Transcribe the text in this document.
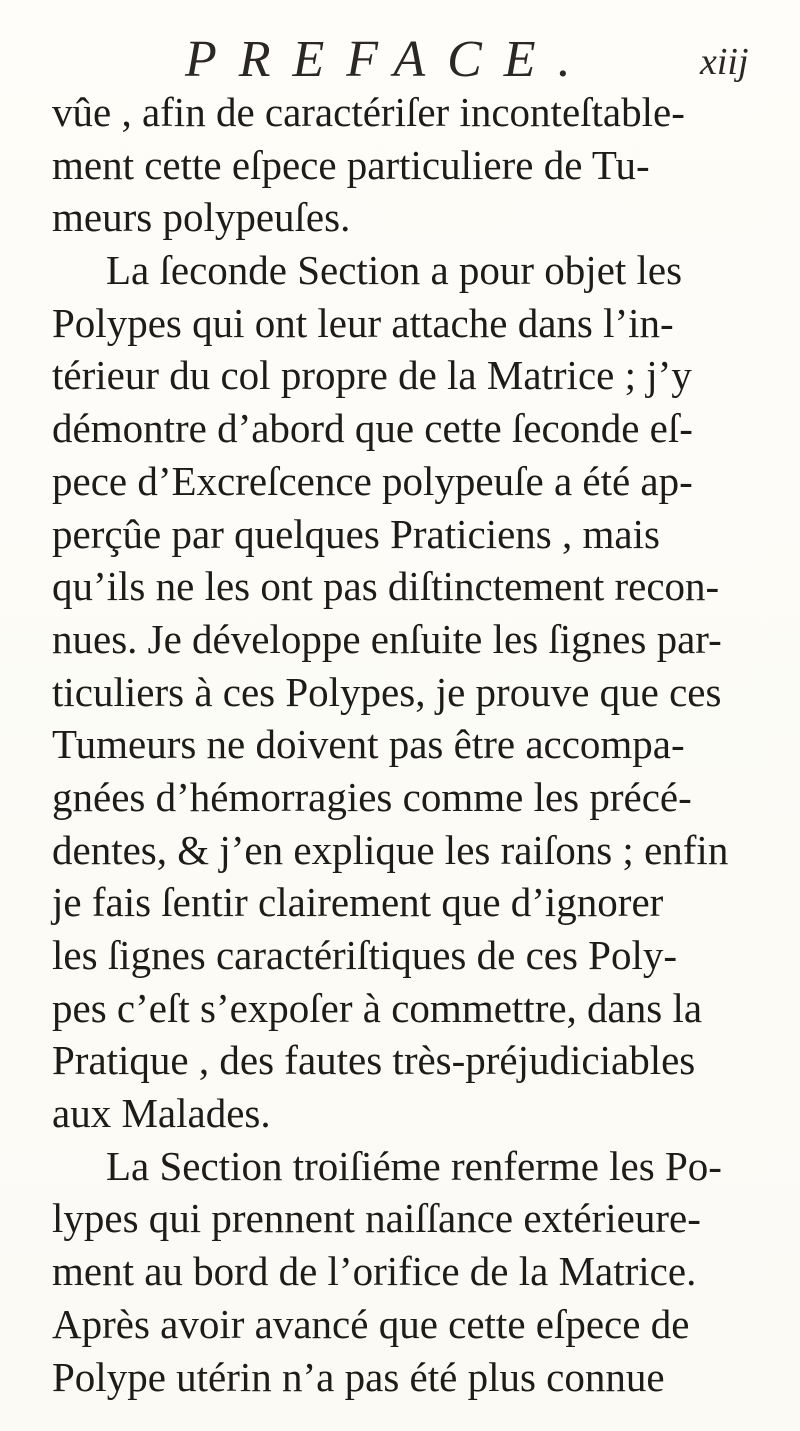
PREFACE.	xiij
vûe , afin de caractériſer inconteſtable-
ment cette eſpece particuliere de Tu-
meurs polypeuſes.
La ſeconde Section a pour objet les
Polypes qui ont leur attache dans l’in-
térieur du col propre de la Matrice ; j’y
démontre d’abord que cette ſeconde eſ-
pece d’Excreſcence polypeuſe a été ap-
perçûe par quelques Praticiens , mais
qu’ils ne les ont pas diſtinctement recon-
nues. Je développe enſuite les ſignes par-
ticuliers à ces Polypes, je prouve que ces
Tumeurs ne doivent pas être accompa-
gnées d’hémorragies comme les précé-
dentes, & j’en explique les raiſons ; enfin
je fais ſentir clairement que d’ignorer
les ſignes caractériſtiques de ces Poly-
pes c’eſt s’expoſer à commettre, dans la
Pratique , des fautes très-préjudiciables
aux Malades.
La Section troiſiéme renferme les Po-
lypes qui prennent naiſſance extérieure-
ment au bord de l’orifice de la Matrice.
Après avoir avancé que cette eſpece de
Polype utérin n’a pas été plus connue
